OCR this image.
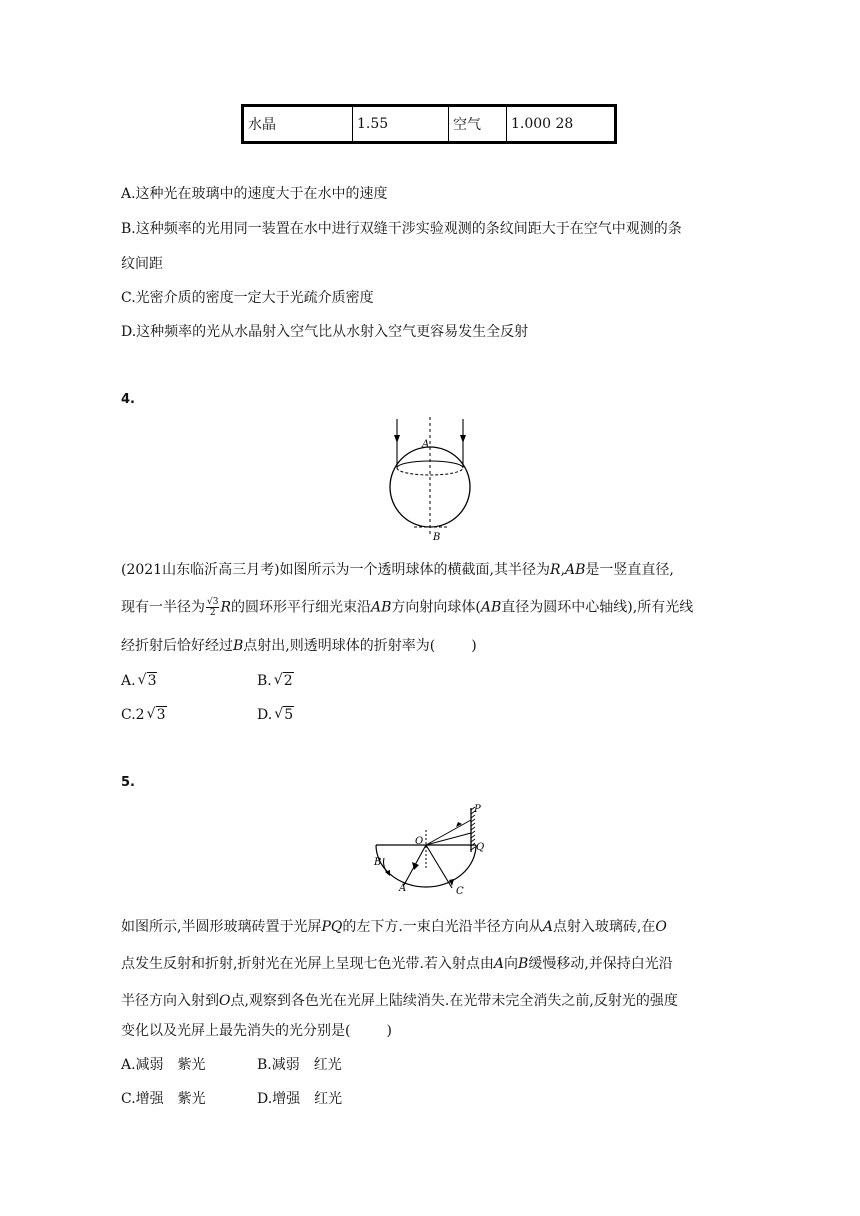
水晶	1.55	空气	1.000 28
A.这种光在玻璃中的速度大于在水中的速度
B.这种频率的光用同一装置在水中进行双缝干涉实验观测的条纹间距大于在空气中观测的条
纹间距
C.光密介质的密度一定大于光疏介质密度
D.这种频率的光从水晶射入空气比从水射入空气更容易发生全反射
4.
A
B
(2021山东临沂高三月考)如图所示为一个透明球体的横截面,其半径为R,AB是一竖直直径,
现有一半径为 $\frac{√3}{2}$ R的圆环形平行细光束沿AB方向射向球体(AB直径为圆环中心轴线),所有光线
经折射后恰好经过B点射出,则透明球体的折射率为(	)
A. √ 3	B. √ 2
C.2 √ 3	D. √ 5
5.
P
Q
O
B
A	C
如图所示,半圆形玻璃砖置于光屏PQ的左下方.一束白光沿半径方向从A点射入玻璃砖,在O
点发生反射和折射,折射光在光屏上呈现七色光带.若入射点由A向B缓慢移动,并保持白光沿
半径方向入射到O点,观察到各色光在光屏上陆续消失.在光带未完全消失之前,反射光的强度
变化以及光屏上最先消失的光分别是(	)
A.减弱　紫光	B.减弱　红光
C.增强　紫光	D.增强　红光
